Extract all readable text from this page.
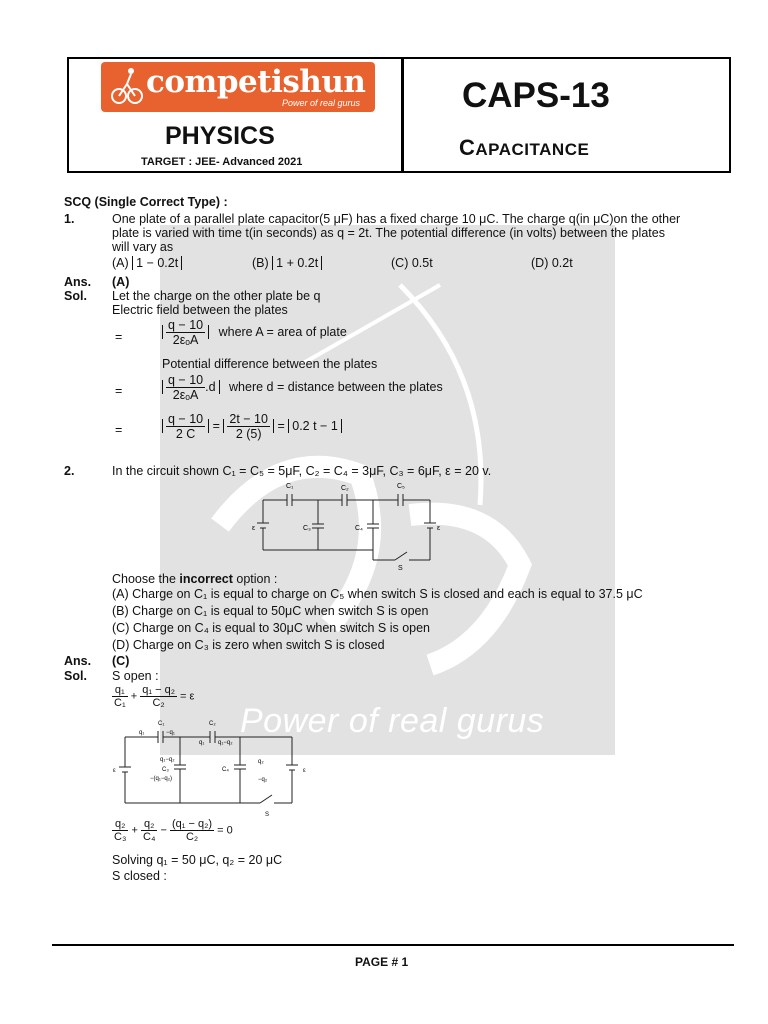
Power of real gurus
competishun
Power of real gurus
PHYSICS
TARGET : JEE- Advanced 2021
CAPS-13
CAPACITANCE
SCQ (Single Correct Type) :
1.	One plate of a parallel plate capacitor(5 μF) has a fixed charge 10 μC. The charge q(in μC)on the other
plate is varied with time t(in seconds) as q = 2t. The potential difference (in volts) between the plates
will vary as
(A) 1 − 0.2t	(B) 1 + 0.2t	(C) 0.5t	(D) 0.2t
Ans. (A)
Sol. Let the charge on the other plate be q
Electric field between the plates
=	$\frac{q - 10}{\text{2εₒA}}$ where A = area of plate
Potential difference between the plates
=	$\frac{q - 10}{\text{2εₒA}} .d$ where d = distance between the plates
=	$\frac{q - 10}{2 C} = \frac{2t - 10}{2 (5)} = 0.2$ t − 1
2.	In the circuit shown C₁ = C₅ = 5μF, C₂ = C₄ = 3μF, C₃ = 6μF, ε = 20 v.
C₁	C₂	C₅
C₃	C₄
ε	ε
S
Choose the incorrect option :
(A) Charge on C₁ is equal to charge on C₅ when switch S is closed and each is equal to 37.5 μC
(B) Charge on C₁ is equal to 50μC when switch S is open
(C) Charge on C₄ is equal to 30μC when switch S is open
(D) Charge on C₃ is zero when switch S is closed
Ans. (C)
Sol. S open :
$\frac{\text{q₁}}{\text{C₁}} + \frac{\text{q₁ − q₂}}{\text{C₂}} = \varepsilon$
C₁	C₂
q₁	−q₁
q₁ q₁−q₂
q₁−q₂
C₃
−(q₁−q₂)
q₂
C₄
−q₂
ε	ε
S
$\frac{\text{q₂}}{\text{C₃}} + \frac{\text{q₂}}{\text{C₄}} - \frac{\text{(q₁ − q₂)}}{\text{C₂}} = 0$
Solving q₁ = 50 μC, q₂ = 20 μC
S closed :
PAGE # 1
